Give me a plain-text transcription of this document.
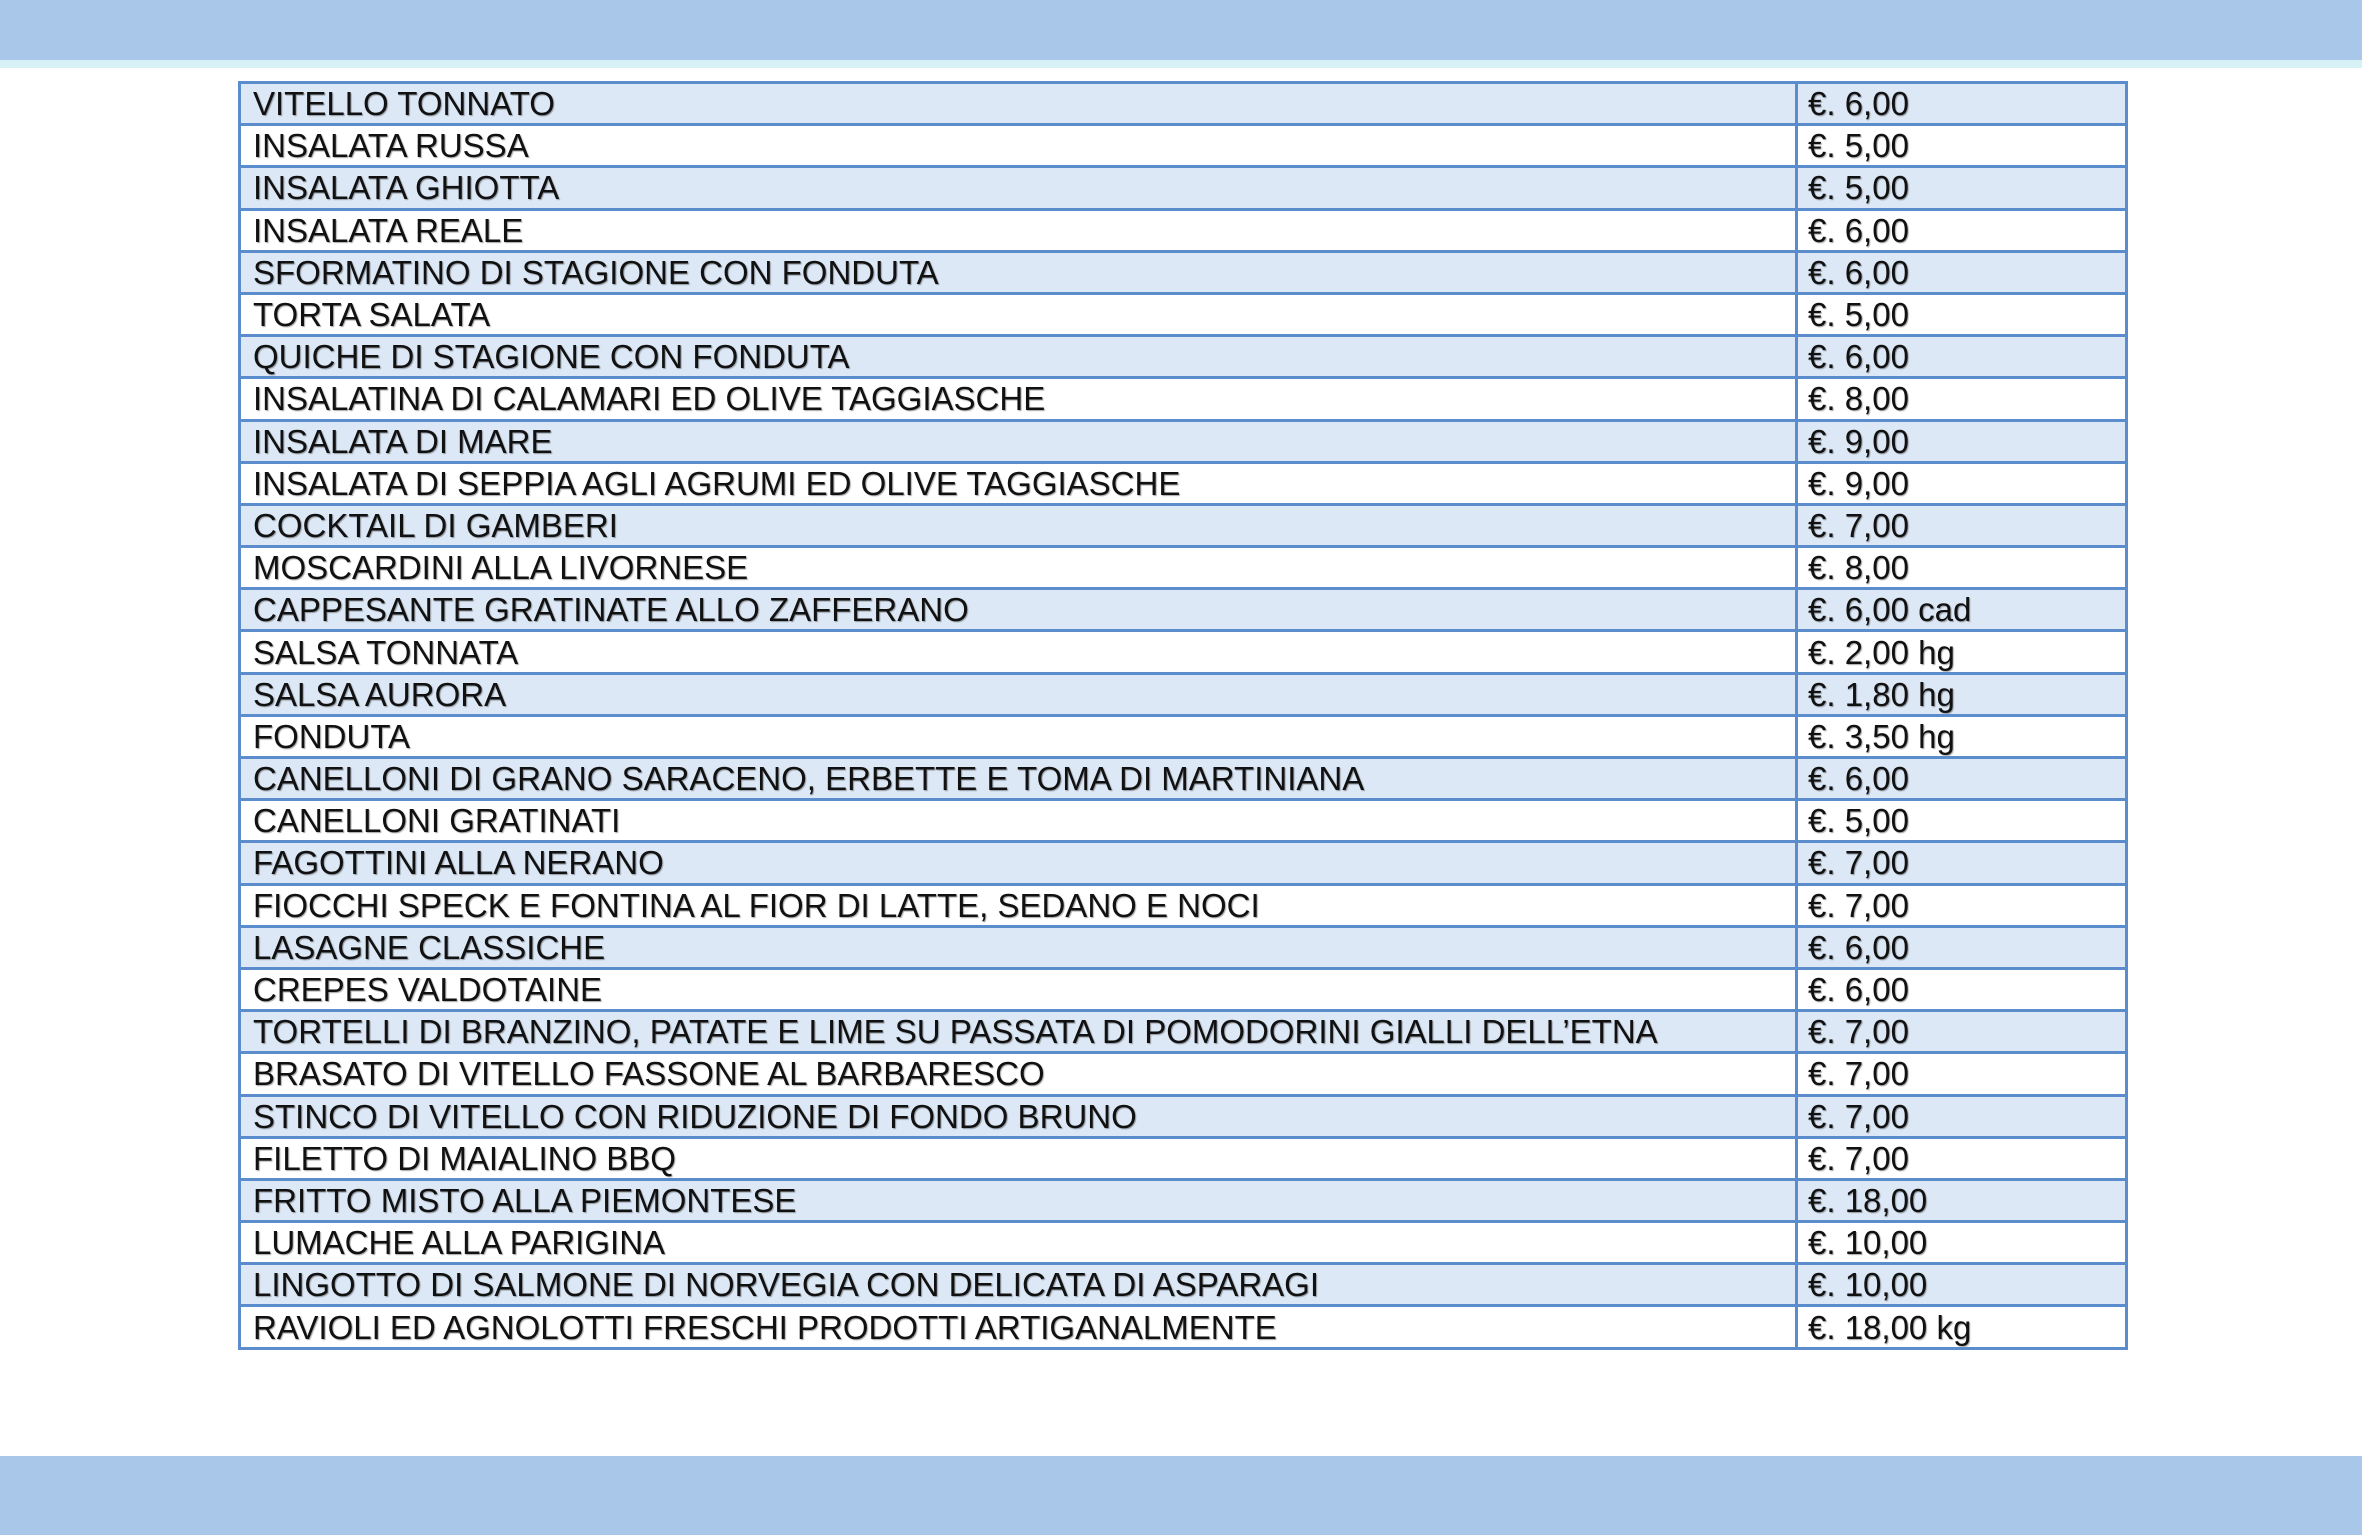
VITELLO TONNATO	€. 6,00
INSALATA RUSSA	€. 5,00
INSALATA GHIOTTA	€. 5,00
INSALATA REALE	€. 6,00
SFORMATINO DI STAGIONE CON FONDUTA	€. 6,00
TORTA SALATA	€. 5,00
QUICHE DI STAGIONE CON FONDUTA	€. 6,00
INSALATINA DI CALAMARI ED OLIVE TAGGIASCHE	€. 8,00
INSALATA DI MARE	€. 9,00
INSALATA DI SEPPIA AGLI AGRUMI ED OLIVE TAGGIASCHE	€. 9,00
COCKTAIL DI GAMBERI	€. 7,00
MOSCARDINI ALLA LIVORNESE	€. 8,00
CAPPESANTE GRATINATE ALLO ZAFFERANO	€. 6,00 cad
SALSA TONNATA	€. 2,00 hg
SALSA AURORA	€. 1,80 hg
FONDUTA	€. 3,50 hg
CANELLONI DI GRANO SARACENO, ERBETTE E TOMA DI MARTINIANA	€. 6,00
CANELLONI GRATINATI	€. 5,00
FAGOTTINI ALLA NERANO	€. 7,00
FIOCCHI SPECK E FONTINA AL FIOR DI LATTE, SEDANO E NOCI	€. 7,00
LASAGNE CLASSICHE	€. 6,00
CREPES VALDOTAINE	€. 6,00
TORTELLI DI BRANZINO, PATATE E LIME SU PASSATA DI POMODORINI GIALLI DELL’ETNA	€. 7,00
BRASATO DI VITELLO FASSONE AL BARBARESCO	€. 7,00
STINCO DI VITELLO CON RIDUZIONE DI FONDO BRUNO	€. 7,00
FILETTO DI MAIALINO BBQ	€. 7,00
FRITTO MISTO ALLA PIEMONTESE	€. 18,00
LUMACHE ALLA PARIGINA	€. 10,00
LINGOTTO DI SALMONE DI NORVEGIA CON DELICATA DI ASPARAGI	€. 10,00
RAVIOLI ED AGNOLOTTI FRESCHI PRODOTTI ARTIGANALMENTE	€. 18,00 kg
